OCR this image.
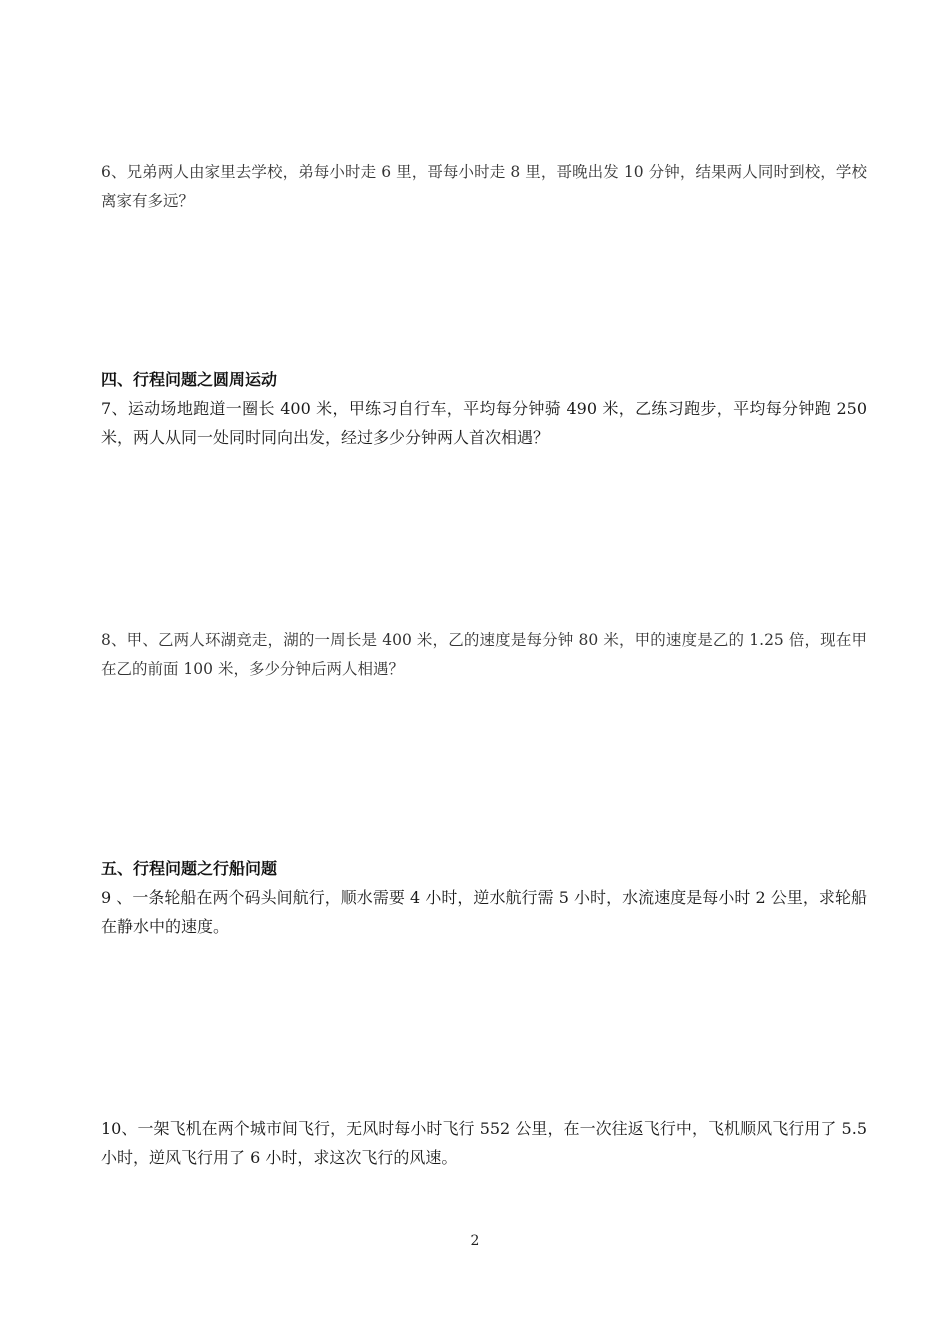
6、兄弟两人由家里去学校，弟每小时走 6 里，哥每小时走 8 里，哥晚出发 10 分钟，结果两人同时到校，学校离家有多远？

四、行程问题之圆周运动

7、运动场地跑道一圈长 400 米，甲练习自行车，平均每分钟骑 490 米，乙练习跑步，平均每分钟跑 250 米，两人从同一处同时同向出发，经过多少分钟两人首次相遇？

8、甲、乙两人环湖竞走，湖的一周长是 400 米，乙的速度是每分钟 80 米，甲的速度是乙的 1.25 倍，现在甲在乙的前面 100 米，多少分钟后两人相遇？

五、行程问题之行船问题

9 、一条轮船在两个码头间航行，顺水需要 4 小时，逆水航行需 5 小时，水流速度是每小时 2 公里，求轮船在静水中的速度。

10、一架飞机在两个城市间飞行，无风时每小时飞行 552 公里，在一次往返飞行中，飞机顺风飞行用了 5.5 小时，逆风飞行用了 6 小时，求这次飞行的风速。

2
